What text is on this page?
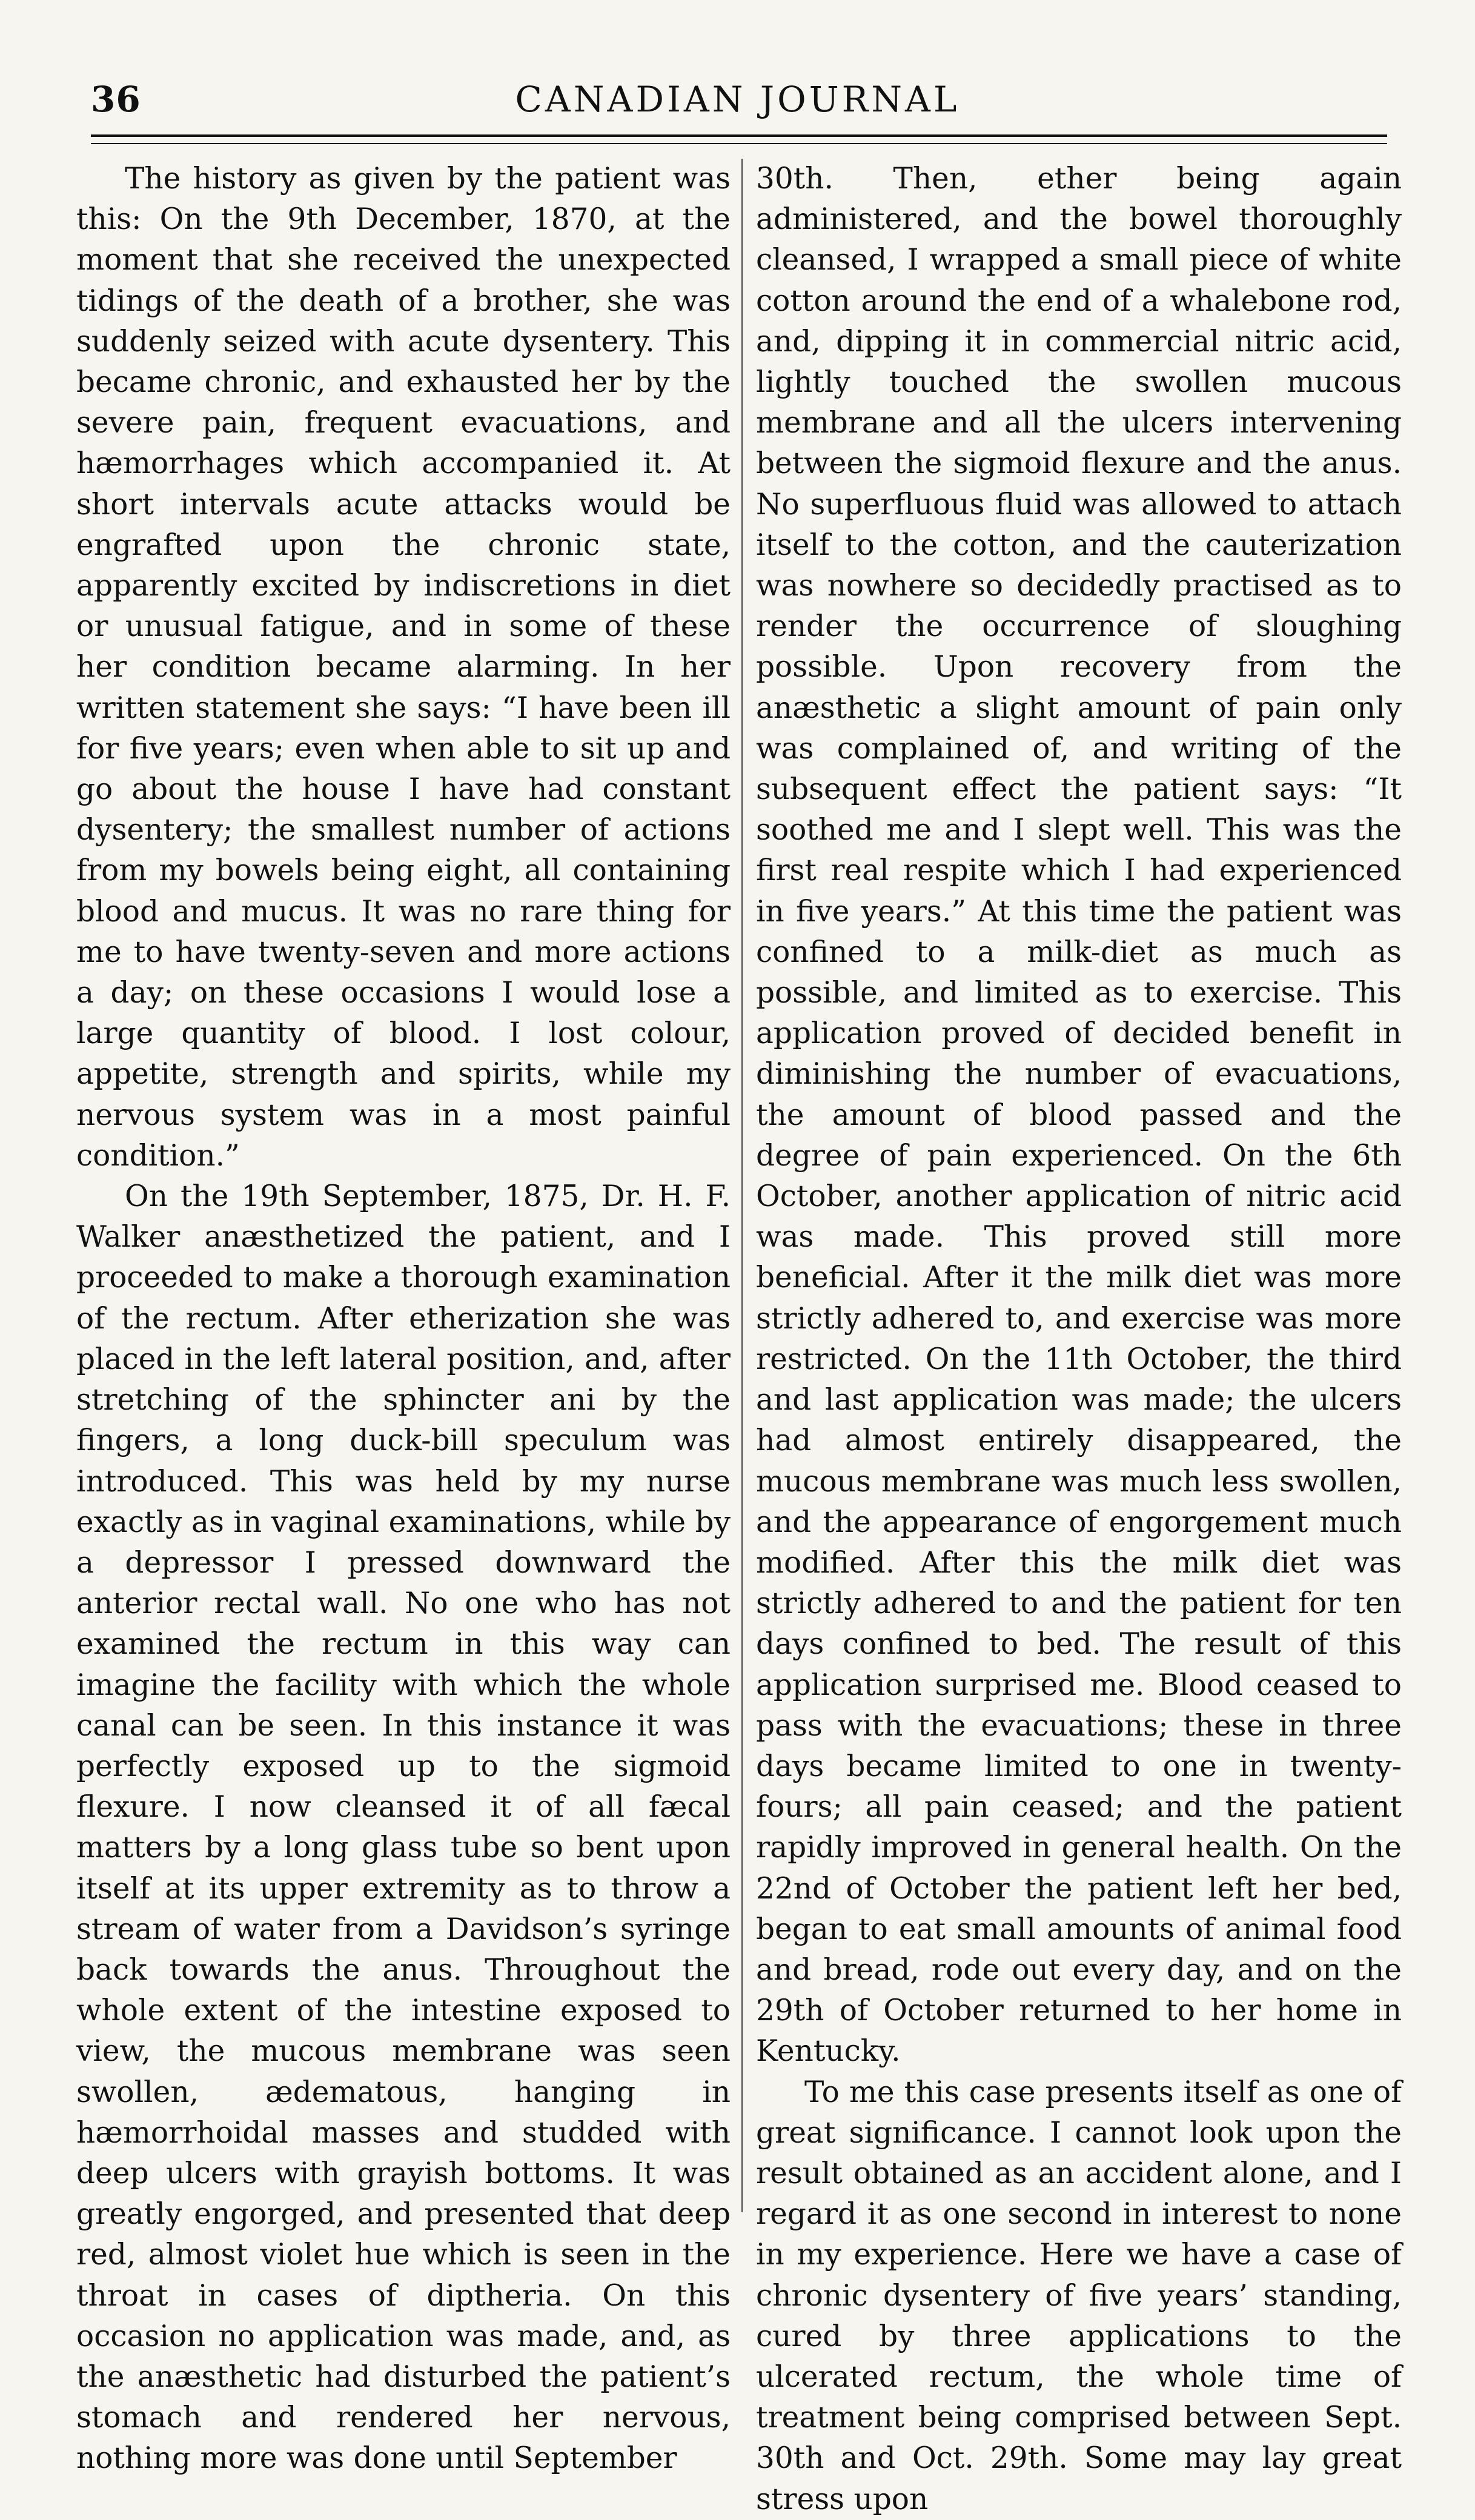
36	CANADIAN JOURNAL

The history as given by the patient was this: On the 9th December, 1870, at the moment that she received the unexpected tidings of the death of a brother, she was suddenly seized with acute dysentery. This became chronic, and exhausted her by the severe pain, frequent evacuations, and hæmorrhages which accompanied it. At short intervals acute attacks would be engrafted upon the chronic state, apparently excited by indiscretions in diet or unusual fatigue, and in some of these her condition became alarming. In her written statement she says: “I have been ill for five years; even when able to sit up and go about the house I have had constant dysentery; the smallest number of actions from my bowels being eight, all containing blood and mucus. It was no rare thing for me to have twenty-seven and more actions a day; on these occasions I would lose a large quantity of blood. I lost colour, appetite, strength and spirits, while my nervous system was in a most painful condition.”

On the 19th September, 1875, Dr. H. F. Walker anæsthetized the patient, and I proceeded to make a thorough examination of the rectum. After etherization she was placed in the left lateral position, and, after stretching of the sphincter ani by the fingers, a long duck-bill speculum was introduced. This was held by my nurse exactly as in vaginal examinations, while by a depressor I pressed downward the anterior rectal wall. No one who has not examined the rectum in this way can imagine the facility with which the whole canal can be seen. In this instance it was perfectly exposed up to the sigmoid flexure. I now cleansed it of all fæcal matters by a long glass tube so bent upon itself at its upper extremity as to throw a stream of water from a Davidson’s syringe back towards the anus. Throughout the whole extent of the intestine exposed to view, the mucous membrane was seen swollen, ædematous, hanging in hæmorrhoidal masses and studded with deep ulcers with grayish bottoms. It was greatly engorged, and presented that deep red, almost violet hue which is seen in the throat in cases of diptheria. On this occasion no application was made, and, as the anæsthetic had disturbed the patient’s stomach and rendered her nervous, nothing more was done until September

30th. Then, ether being again administered, and the bowel thoroughly cleansed, I wrapped a small piece of white cotton around the end of a whalebone rod, and, dipping it in commercial nitric acid, lightly touched the swollen mucous membrane and all the ulcers intervening between the sigmoid flexure and the anus. No superfluous fluid was allowed to attach itself to the cotton, and the cauterization was nowhere so decidedly practised as to render the occurrence of sloughing possible. Upon recovery from the anæsthetic a slight amount of pain only was complained of, and writing of the subsequent effect the patient says: “It soothed me and I slept well. This was the first real respite which I had experienced in five years.” At this time the patient was confined to a milk-diet as much as possible, and limited as to exercise. This application proved of decided benefit in diminishing the number of evacuations, the amount of blood passed and the degree of pain experienced. On the 6th October, another application of nitric acid was made. This proved still more beneficial. After it the milk diet was more strictly adhered to, and exercise was more restricted. On the 11th October, the third and last application was made; the ulcers had almost entirely disappeared, the mucous membrane was much less swollen, and the appearance of engorgement much modified. After this the milk diet was strictly adhered to and the patient for ten days confined to bed. The result of this application surprised me. Blood ceased to pass with the evacuations; these in three days became limited to one in twenty-fours; all pain ceased; and the patient rapidly improved in general health. On the 22nd of October the patient left her bed, began to eat small amounts of animal food and bread, rode out every day, and on the 29th of October returned to her home in Kentucky.

To me this case presents itself as one of great significance. I cannot look upon the result obtained as an accident alone, and I regard it as one second in interest to none in my experience. Here we have a case of chronic dysentery of five years’ standing, cured by three applications to the ulcerated rectum, the whole time of treatment being comprised between Sept. 30th and Oct. 29th. Some may lay great stress upon
